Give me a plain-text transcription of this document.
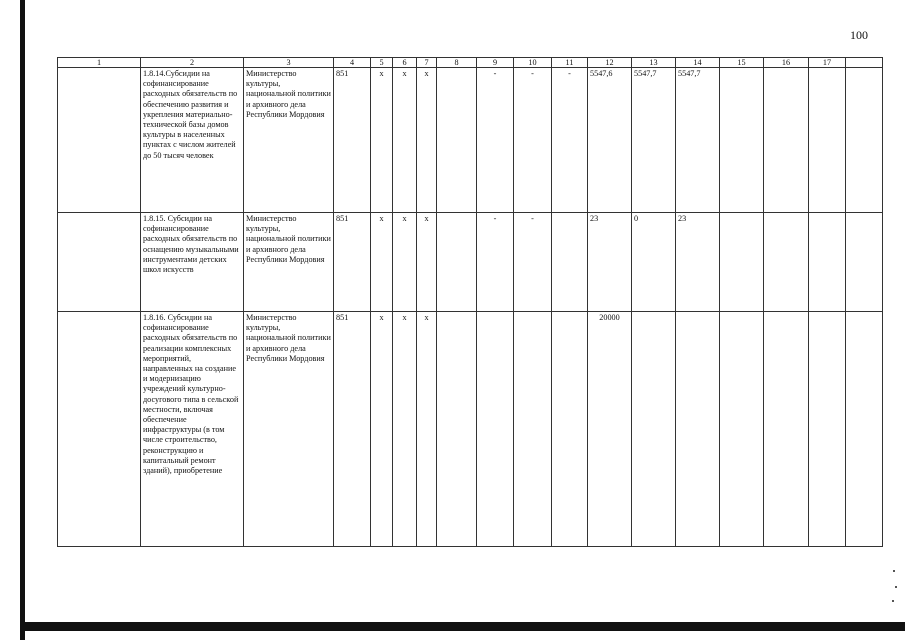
100
1	2	3	4	5	6	7	8	9	10	11	12	13	14	15	16	17	
	1.8.14.Субсидии на софинансирование расходных обязательств по обеспечению развития и укрепления материально-технической базы домов культуры в населенных пунктах с числом жителей до 50 тысяч человек	Министерство культуры, национальной политики и архивного дела Республики Мордовия	851	х	х	х		-	-	-	5547,6	5547,7	5547,7				
	1.8.15. Субсидии на софинансирование расходных обязательств по оснащению музыкальными инструментами детских школ искусств	Министерство культуры, национальной политики и архивного дела Республики Мордовия	851	х	х	х		-	-		23	0	23				
	1.8.16. Субсидии на софинансирование расходных обязательств по реализации комплексных мероприятий, направленных на создание и модернизацию учреждений культурно-досугового типа в сельской местности, включая обеспечение инфраструктуры (в том числе строительство, реконструкцию и капитальный ремонт зданий), приобретение	Министерство культуры, национальной политики и архивного дела Республики Мордовия	851	х	х	х					20000						
